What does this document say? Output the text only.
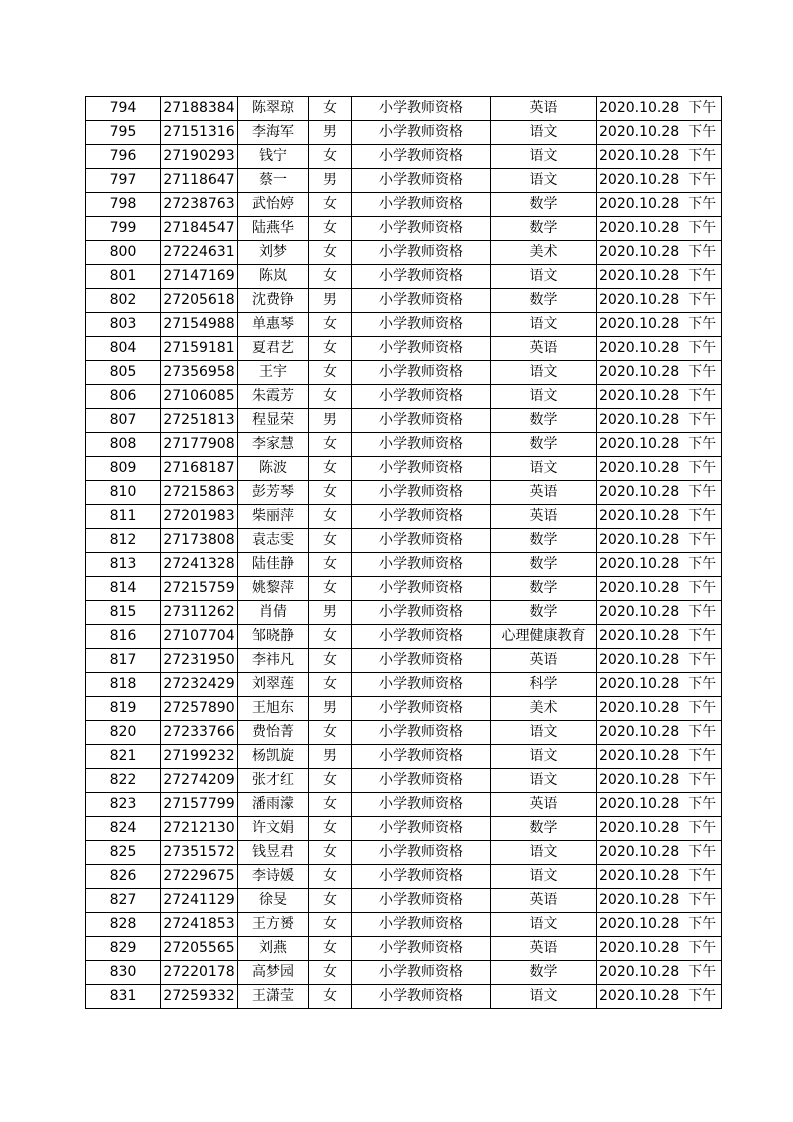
794	27188384	陈翠琼	女	小学教师资格	英语	2020.10.28 下午
795	27151316	李海军	男	小学教师资格	语文	2020.10.28 下午
796	27190293	钱宁	女	小学教师资格	语文	2020.10.28 下午
797	27118647	蔡一	男	小学教师资格	语文	2020.10.28 下午
798	27238763	武怡婷	女	小学教师资格	数学	2020.10.28 下午
799	27184547	陆燕华	女	小学教师资格	数学	2020.10.28 下午
800	27224631	刘梦	女	小学教师资格	美术	2020.10.28 下午
801	27147169	陈岚	女	小学教师资格	语文	2020.10.28 下午
802	27205618	沈费铮	男	小学教师资格	数学	2020.10.28 下午
803	27154988	单惠琴	女	小学教师资格	语文	2020.10.28 下午
804	27159181	夏君艺	女	小学教师资格	英语	2020.10.28 下午
805	27356958	王宇	女	小学教师资格	语文	2020.10.28 下午
806	27106085	朱霞芳	女	小学教师资格	语文	2020.10.28 下午
807	27251813	程显荣	男	小学教师资格	数学	2020.10.28 下午
808	27177908	李家慧	女	小学教师资格	数学	2020.10.28 下午
809	27168187	陈波	女	小学教师资格	语文	2020.10.28 下午
810	27215863	彭芳琴	女	小学教师资格	英语	2020.10.28 下午
811	27201983	柴丽萍	女	小学教师资格	英语	2020.10.28 下午
812	27173808	袁志雯	女	小学教师资格	数学	2020.10.28 下午
813	27241328	陆佳静	女	小学教师资格	数学	2020.10.28 下午
814	27215759	姚黎萍	女	小学教师资格	数学	2020.10.28 下午
815	27311262	肖倩	男	小学教师资格	数学	2020.10.28 下午
816	27107704	邹晓静	女	小学教师资格	心理健康教育	2020.10.28 下午
817	27231950	李祎凡	女	小学教师资格	英语	2020.10.28 下午
818	27232429	刘翠莲	女	小学教师资格	科学	2020.10.28 下午
819	27257890	王旭东	男	小学教师资格	美术	2020.10.28 下午
820	27233766	费怡菁	女	小学教师资格	语文	2020.10.28 下午
821	27199232	杨凯旋	男	小学教师资格	语文	2020.10.28 下午
822	27274209	张才红	女	小学教师资格	语文	2020.10.28 下午
823	27157799	潘雨濛	女	小学教师资格	英语	2020.10.28 下午
824	27212130	许文娟	女	小学教师资格	数学	2020.10.28 下午
825	27351572	钱昱君	女	小学教师资格	语文	2020.10.28 下午
826	27229675	李诗媛	女	小学教师资格	语文	2020.10.28 下午
827	27241129	徐旻	女	小学教师资格	英语	2020.10.28 下午
828	27241853	王方赟	女	小学教师资格	语文	2020.10.28 下午
829	27205565	刘燕	女	小学教师资格	英语	2020.10.28 下午
830	27220178	高梦园	女	小学教师资格	数学	2020.10.28 下午
831	27259332	王潇莹	女	小学教师资格	语文	2020.10.28 下午
